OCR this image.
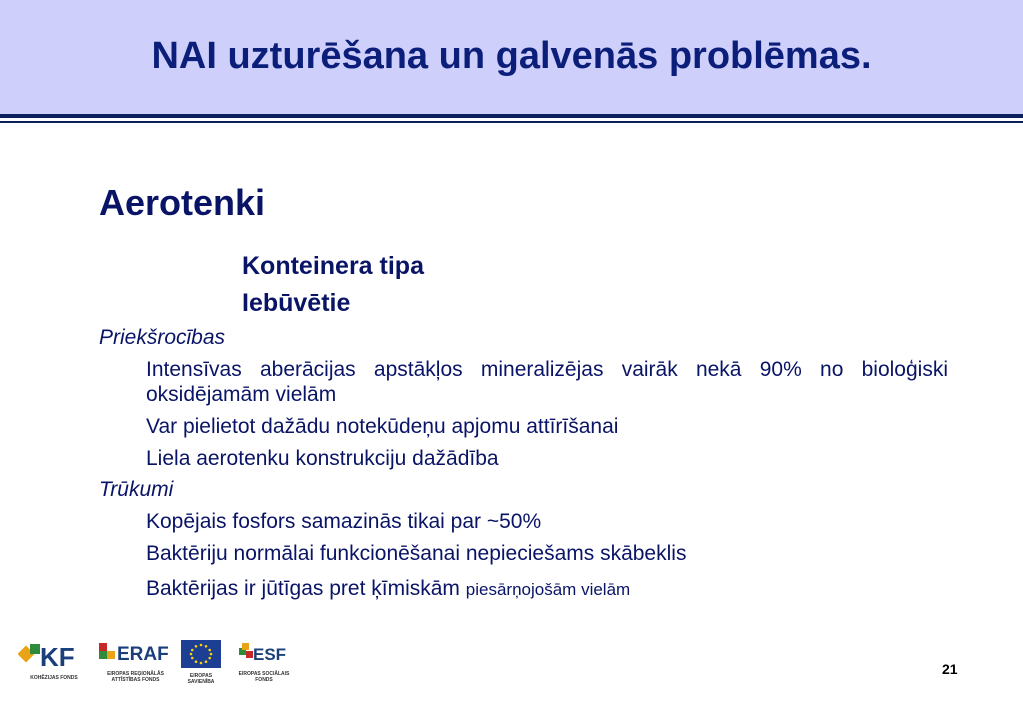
NAI uzturēšana un galvenās problēmas.
Aerotenki
Konteinera tipa
Iebūvētie
Priekšrocības
Intensīvas aberācijas apstākļos mineralizējas vairāk nekā 90% no bioloģiski oksidējamām vielām
Var pielietot dažādu notekūdeņu apjomu attīrīšanai
Liela aerotenku konstrukciju dažādība
Trūkumi
Kopējais fosfors samazinās tikai par ~50%
Baktēriju normālai funkcionēšanai nepieciešams skābeklis
Baktērijas ir jūtīgas pret ķīmiskām piesārņojošām vielām
KF
KOHĒZIJAS FONDS
ERAF
EIROPAS REĢIONĀLĀS ATTĪSTĪBAS FONDS
EIROPAS SAVIENĪBA
ESF
EIROPAS SOCIĀLAIS FONDS
21
